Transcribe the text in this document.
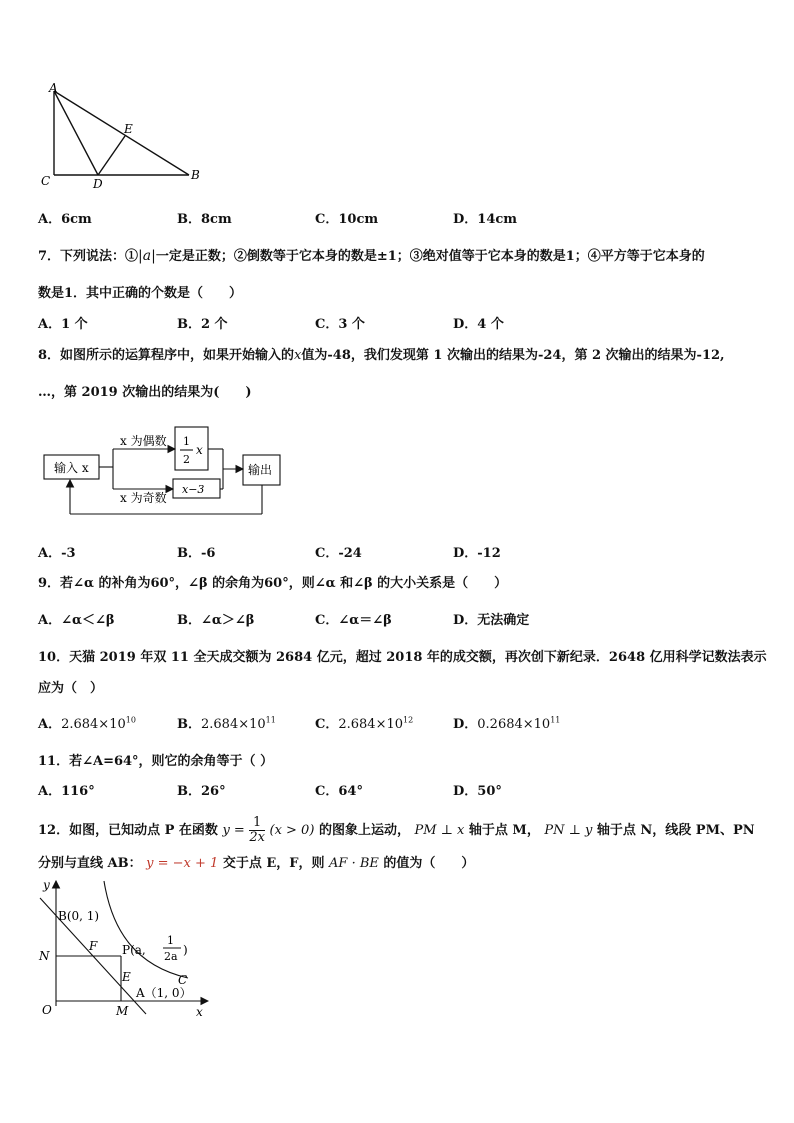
A
E
C	D
B
A．6cm	B．8cm	C．10cm	D．14cm
7．下列说法：①|a|一定是正数；②倒数等于它本身的数是±1；③绝对值等于它本身的数是1；④平方等于它本身的
数是1．其中正确的个数是（　　）
A．1 个	B．2 个	C．3 个	D．4 个
8．如图所示的运算程序中，如果开始输入的x值为-48，我们发现第 1 次输出的结果为-24，第 2 次输出的结果为-12,
…，第 2019 次输出的结果为(　　)
输入 x
x 为偶数
x 为奇数
1
2
x
x−3
输出
A．-3	B．-6	C．-24	D．-12
9．若∠α 的补角为60°，∠β 的余角为60°，则∠α 和∠β 的大小关系是（　　）
A．∠α＜∠β	B．∠α＞∠β	C．∠α＝∠β	D．无法确定
10．天猫 2019 年双 11 全天成交额为 2684 亿元，超过 2018 年的成交额，再次创下新纪录．2648 亿用科学记数法表示
应为（　）
A．$2.684\times 10^{10}$	B．$2.684\times 10^{11}$	C．$2.684\times 10^{12}$	D．$0.2684\times 10^{11}$
11．若∠A=64°，则它的余角等于（ ）
A．116°	B．26°	C．64°	D．50°
12．如图，已知动点 P 在函数 $y = \frac{1}{2x} (x > 0)$ 的图象上运动， PM ⊥ x 轴于点 M， PN ⊥ y 轴于点 N，线段 PM、PN
分别与直线 AB： y = −x + 1 交于点 E，F，则 AF · BE 的值为（　　）
y
B(0, 1)
N
F P(a,
1
2a )
E	C
A（1, 0）
O	M	x
